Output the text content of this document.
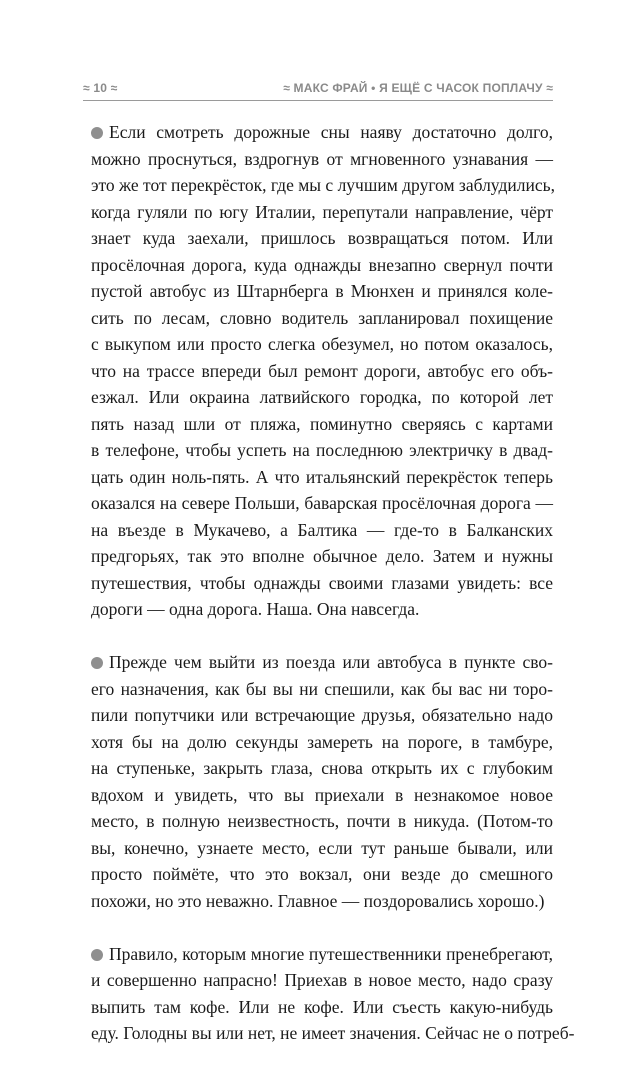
≈ 10 ≈	≈ МАКС ФРАЙ • Я ЕЩЁ С ЧАСОК ПОПЛАЧУ ≈
Если смотреть дорожные сны наяву достаточно долго,
можно проснуться, вздрогнув от мгновенного узнавания —
это же тот перекрёсток, где мы с лучшим другом заблудились,
когда гуляли по югу Италии, перепутали направление, чёрт
знает куда заехали, пришлось возвращаться потом. Или
просёлочная дорога, куда однажды внезапно свернул почти
пустой автобус из Штарнберга в Мюнхен и принялся коле-
сить по лесам, словно водитель запланировал похищение
с выкупом или просто слегка обезумел, но потом оказалось,
что на трассе впереди был ремонт дороги, автобус его объ-
езжал. Или окраина латвийского городка, по которой лет
пять назад шли от пляжа, поминутно сверяясь с картами
в телефоне, чтобы успеть на последнюю электричку в двад-
цать один ноль-пять. А что итальянский перекрёсток теперь
оказался на севере Польши, баварская просёлочная дорога —
на въезде в Мукачево, а Балтика — где-то в Балканских
предгорьях, так это вполне обычное дело. Затем и нужны
путешествия, чтобы однажды своими глазами увидеть: все
дороги — одна дорога. Наша. Она навсегда.
Прежде чем выйти из поезда или автобуса в пункте сво-
его назначения, как бы вы ни спешили, как бы вас ни торо-
пили попутчики или встречающие друзья, обязательно надо
хотя бы на долю секунды замереть на пороге, в тамбуре,
на ступеньке, закрыть глаза, снова открыть их с глубоким
вдохом и увидеть, что вы приехали в незнакомое новое
место, в полную неизвестность, почти в никуда. (Потом-то
вы, конечно, узнаете место, если тут раньше бывали, или
просто поймёте, что это вокзал, они везде до смешного
похожи, но это неважно. Главное — поздоровались хорошо.)
Правило, которым многие путешественники пренебрегают,
и совершенно напрасно! Приехав в новое место, надо сразу
выпить там кофе. Или не кофе. Или съесть какую-нибудь
еду. Голодны вы или нет, не имеет значения. Сейчас не о потреб-
